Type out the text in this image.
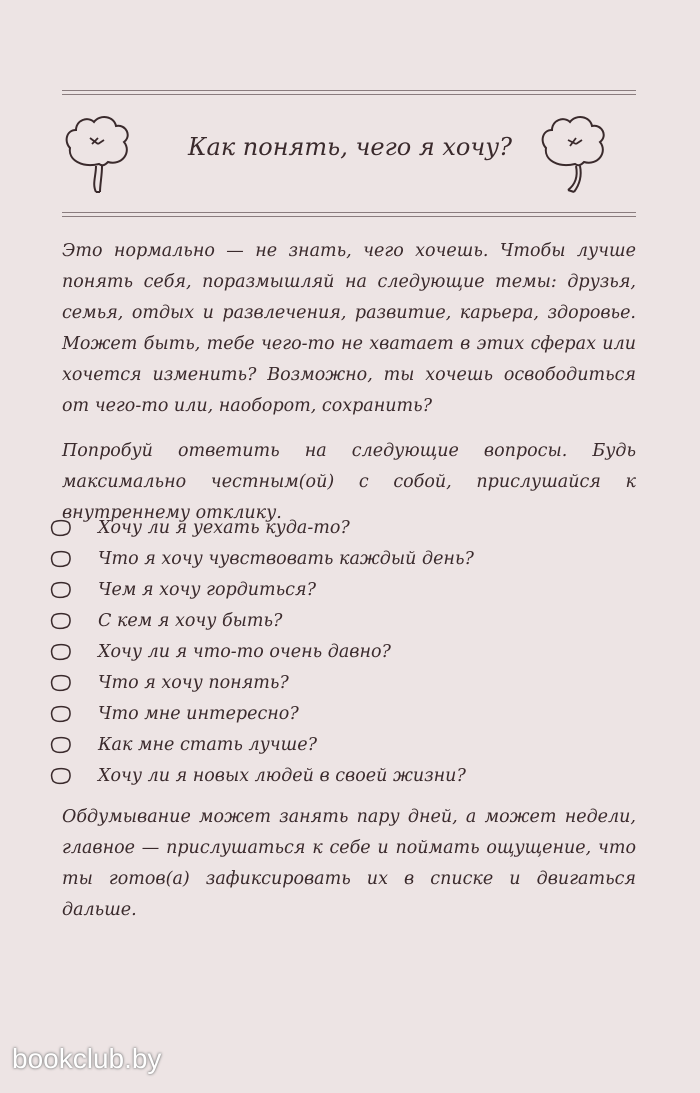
Как понять, чего я хочу?

Это нормально — не знать, чего хочешь. Чтобы лучше понять себя, поразмышляй на следующие темы: друзья, семья, отдых и развлечения, развитие, карьера, здоровье. Может быть, тебе чего-то не хватает в этих сферах или хочется изменить? Возможно, ты хочешь освободиться от чего-то или, наоборот, сохранить?

Попробуй ответить на следующие вопросы. Будь максимально честным(ой) с собой, прислушайся к внутреннему отклику.

Хочу ли я уехать куда-то?
Что я хочу чувствовать каждый день?
Чем я хочу гордиться?
С кем я хочу быть?
Хочу ли я что-то очень давно?
Что я хочу понять?
Что мне интересно?
Как мне стать лучше?
Хочу ли я новых людей в своей жизни?

Обдумывание может занять пару дней, а может недели, главное — прислушаться к себе и поймать ощущение, что ты готов(а) зафиксировать их в списке и двигаться дальше.

bookclub.by
